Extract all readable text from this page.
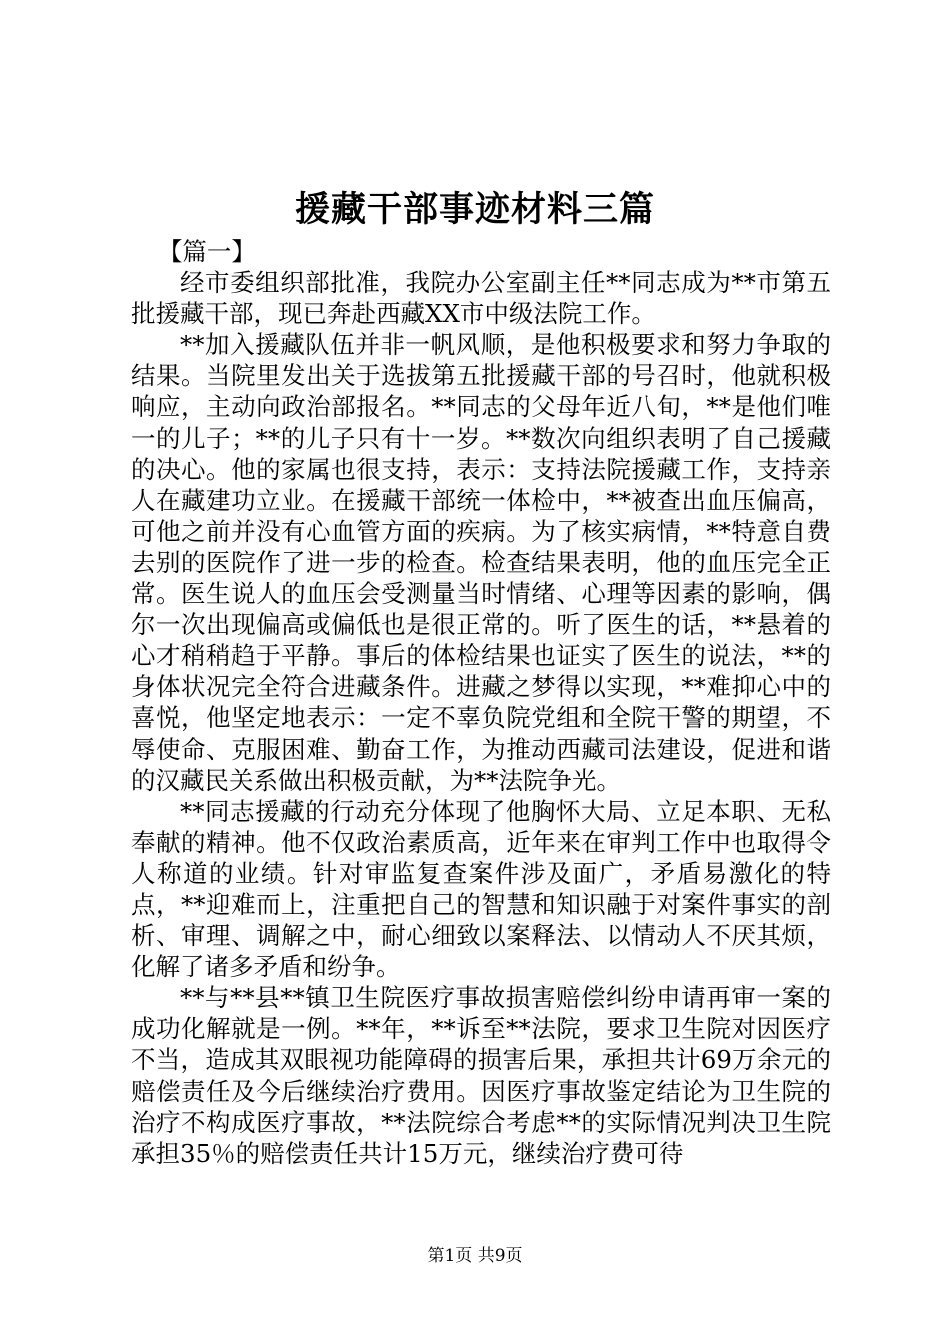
援藏干部事迹材料三篇

【篇一】

经市委组织部批准，我院办公室副主任**同志成为**市第五批援藏干部，现已奔赴西藏XX市中级法院工作。

**加入援藏队伍并非一帆风顺，是他积极要求和努力争取的结果。当院里发出关于选拔第五批援藏干部的号召时，他就积极响应，主动向政治部报名。**同志的父母年近八旬，**是他们唯一的儿子；**的儿子只有十一岁。**数次向组织表明了自己援藏的决心。他的家属也很支持，表示：支持法院援藏工作，支持亲人在藏建功立业。在援藏干部统一体检中，**被查出血压偏高，可他之前并没有心血管方面的疾病。为了核实病情，**特意自费去别的医院作了进一步的检查。检查结果表明，他的血压完全正常。医生说人的血压会受测量当时情绪、心理等因素的影响，偶尔一次出现偏高或偏低也是很正常的。听了医生的话，**悬着的心才稍稍趋于平静。事后的体检结果也证实了医生的说法，**的身体状况完全符合进藏条件。进藏之梦得以实现，**难抑心中的喜悦，他坚定地表示：一定不辜负院党组和全院干警的期望，不辱使命、克服困难、勤奋工作，为推动西藏司法建设，促进和谐的汉藏民关系做出积极贡献，为**法院争光。

**同志援藏的行动充分体现了他胸怀大局、立足本职、无私奉献的精神。他不仅政治素质高，近年来在审判工作中也取得令人称道的业绩。针对审监复查案件涉及面广，矛盾易激化的特点，**迎难而上，注重把自己的智慧和知识融于对案件事实的剖析、审理、调解之中，耐心细致以案释法、以情动人不厌其烦，化解了诸多矛盾和纷争。

**与**县**镇卫生院医疗事故损害赔偿纠纷申请再审一案的成功化解就是一例。**年，**诉至**法院，要求卫生院对因医疗不当，造成其双眼视功能障碍的损害后果，承担共计69万余元的赔偿责任及今后继续治疗费用。因医疗事故鉴定结论为卫生院的治疗不构成医疗事故，**法院综合考虑**的实际情况判决卫生院承担35％的赔偿责任共计15万元，继续治疗费可待

第1页 共9页
